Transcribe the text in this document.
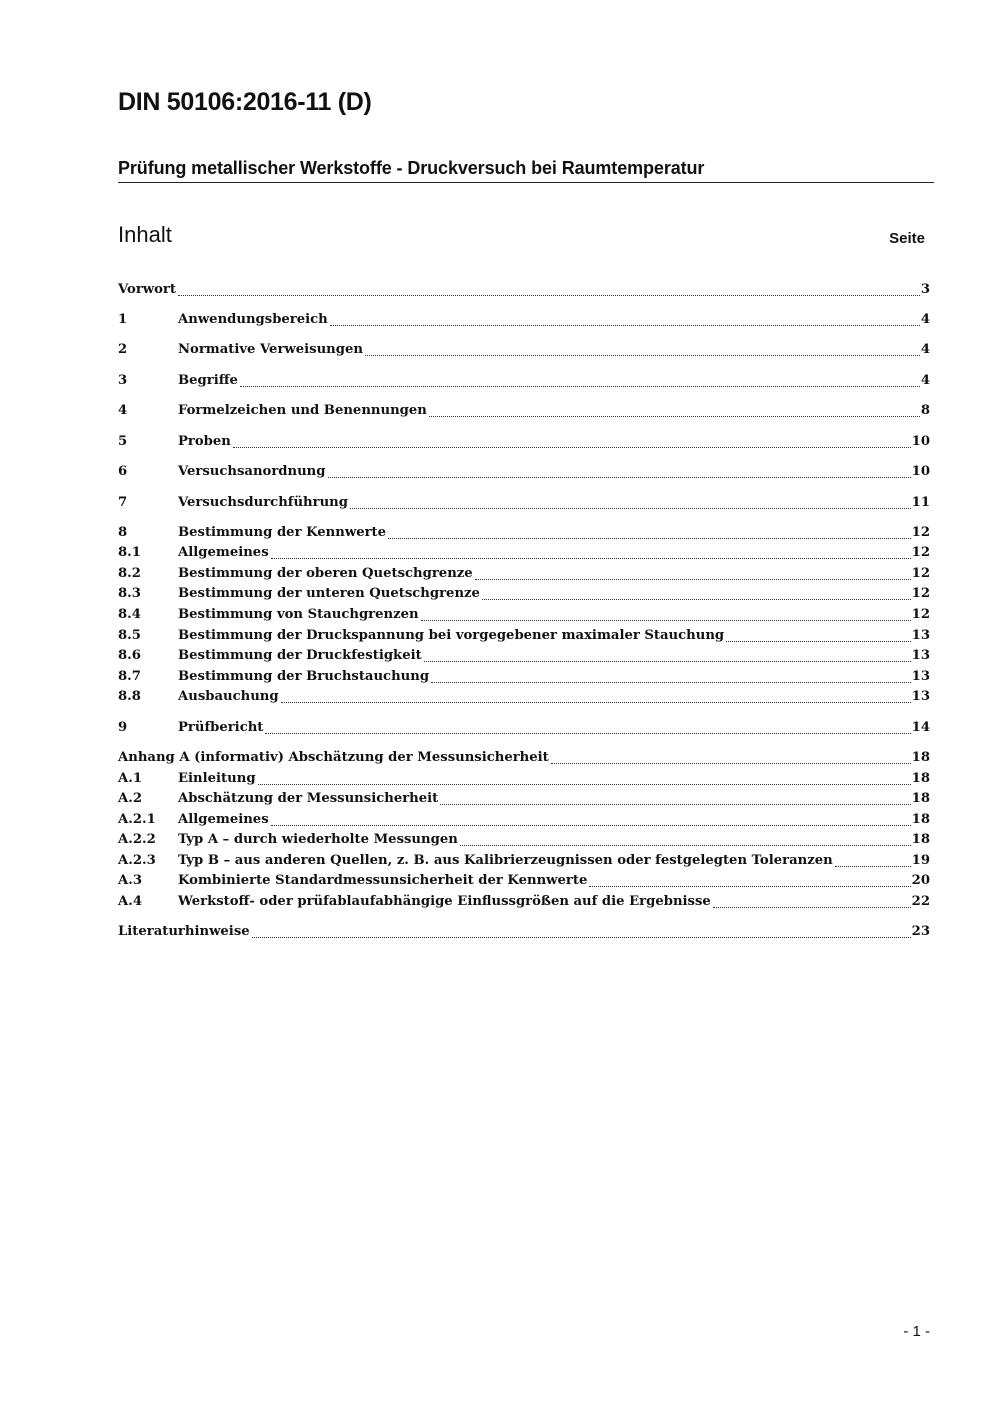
DIN 50106:2016-11 (D)
Prüfung metallischer Werkstoffe - Druckversuch bei Raumtemperatur
Inhalt	Seite
Vorwort	3
1	Anwendungsbereich	4
2	Normative Verweisungen	4
3	Begriffe	4
4	Formelzeichen und Benennungen	8
5	Proben	10
6	Versuchsanordnung	10
7	Versuchsdurchführung	11
8	Bestimmung der Kennwerte	12
8.1	Allgemeines	12
8.2	Bestimmung der oberen Quetschgrenze	12
8.3	Bestimmung der unteren Quetschgrenze	12
8.4	Bestimmung von Stauchgrenzen	12
8.5	Bestimmung der Druckspannung bei vorgegebener maximaler Stauchung	13
8.6	Bestimmung der Druckfestigkeit	13
8.7	Bestimmung der Bruchstauchung	13
8.8	Ausbauchung	13
9	Prüfbericht	14
Anhang A (informativ) Abschätzung der Messunsicherheit	18
A.1	Einleitung	18
A.2	Abschätzung der Messunsicherheit	18
A.2.1	Allgemeines	18
A.2.2	Typ A – durch wiederholte Messungen	18
A.2.3	Typ B – aus anderen Quellen, z. B. aus Kalibrierzeugnissen oder festgelegten Toleranzen	19
A.3	Kombinierte Standardmessunsicherheit der Kennwerte	20
A.4	Werkstoff- oder prüfablaufabhängige Einflussgrößen auf die Ergebnisse	22
Literaturhinweise	23
- 1 -
